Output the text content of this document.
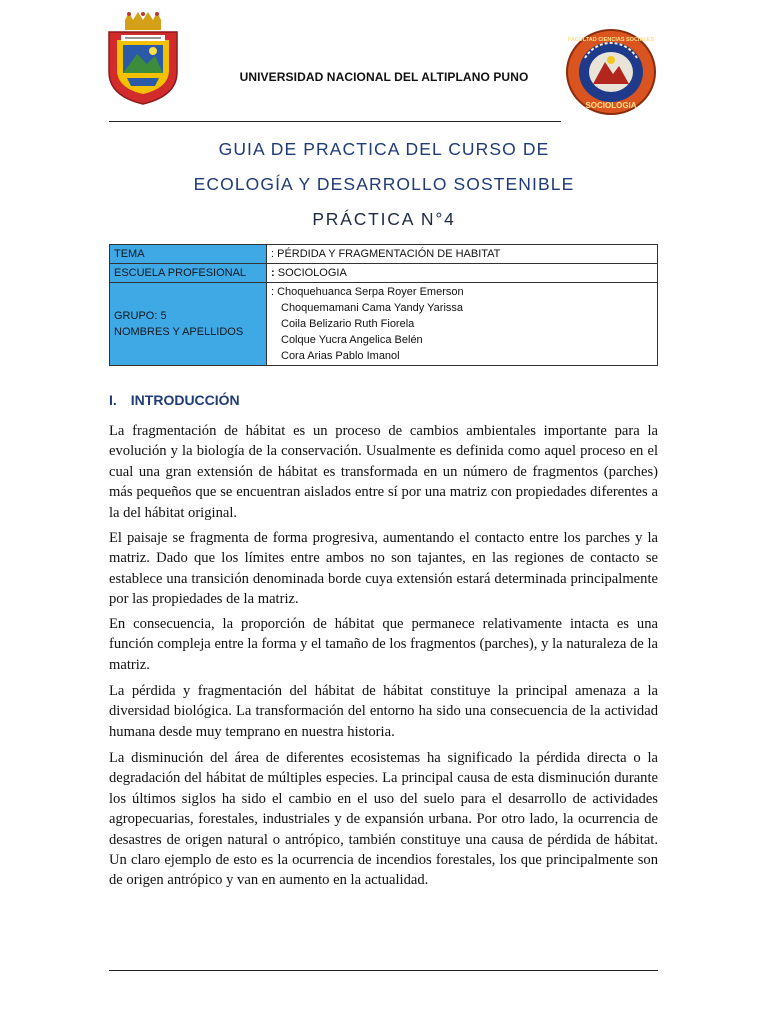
UNIVERSIDAD NACIONAL DEL ALTIPLANO PUNO
SOCIOLOGIA
FACULTAD CIENCIAS SOCIALES
GUIA DE PRACTICA DEL CURSO DE
ECOLOGÍA Y DESARROLLO SOSTENIBLE
PRÁCTICA N°4
TEMA	: PÉRDIDA Y FRAGMENTACIÓN DE HABITAT
ESCUELA PROFESIONAL	: SOCIOLOGIA

GRUPO: 5
NOMBRES Y APELLIDOS	: Choquehuanca Serpa Royer Emerson
Choquemamani Cama Yandy Yarissa
Coila Belizario Ruth Fiorela
Colque Yucra Angelica Belén
Cora Arias Pablo Imanol
I. INTRODUCCIÓN
La fragmentación de hábitat es un proceso de cambios ambientales importante para la evolución y la biología de la conservación. Usualmente es definida como aquel proceso en el cual una gran extensión de hábitat es transformada en un número de fragmentos (parches) más pequeños que se encuentran aislados entre sí por una matriz con propiedades diferentes a la del hábitat original.
El paisaje se fragmenta de forma progresiva, aumentando el contacto entre los parches y la matriz. Dado que los límites entre ambos no son tajantes, en las regiones de contacto se establece una transición denominada borde cuya extensión estará determinada principalmente por las propiedades de la matriz.
En consecuencia, la proporción de hábitat que permanece relativamente intacta es una función compleja entre la forma y el tamaño de los fragmentos (parches), y la naturaleza de la matriz.
La pérdida y fragmentación del hábitat de hábitat constituye la principal amenaza a la diversidad biológica. La transformación del entorno ha sido una consecuencia de la actividad humana desde muy temprano en nuestra historia.
La disminución del área de diferentes ecosistemas ha significado la pérdida directa o la degradación del hábitat de múltiples especies. La principal causa de esta disminución durante los últimos siglos ha sido el cambio en el uso del suelo para el desarrollo de actividades agropecuarias, forestales, industriales y de expansión urbana. Por otro lado, la ocurrencia de desastres de origen natural o antrópico, también constituye una causa de pérdida de hábitat. Un claro ejemplo de esto es la ocurrencia de incendios forestales, los que principalmente son de origen antrópico y van en aumento en la actualidad.
